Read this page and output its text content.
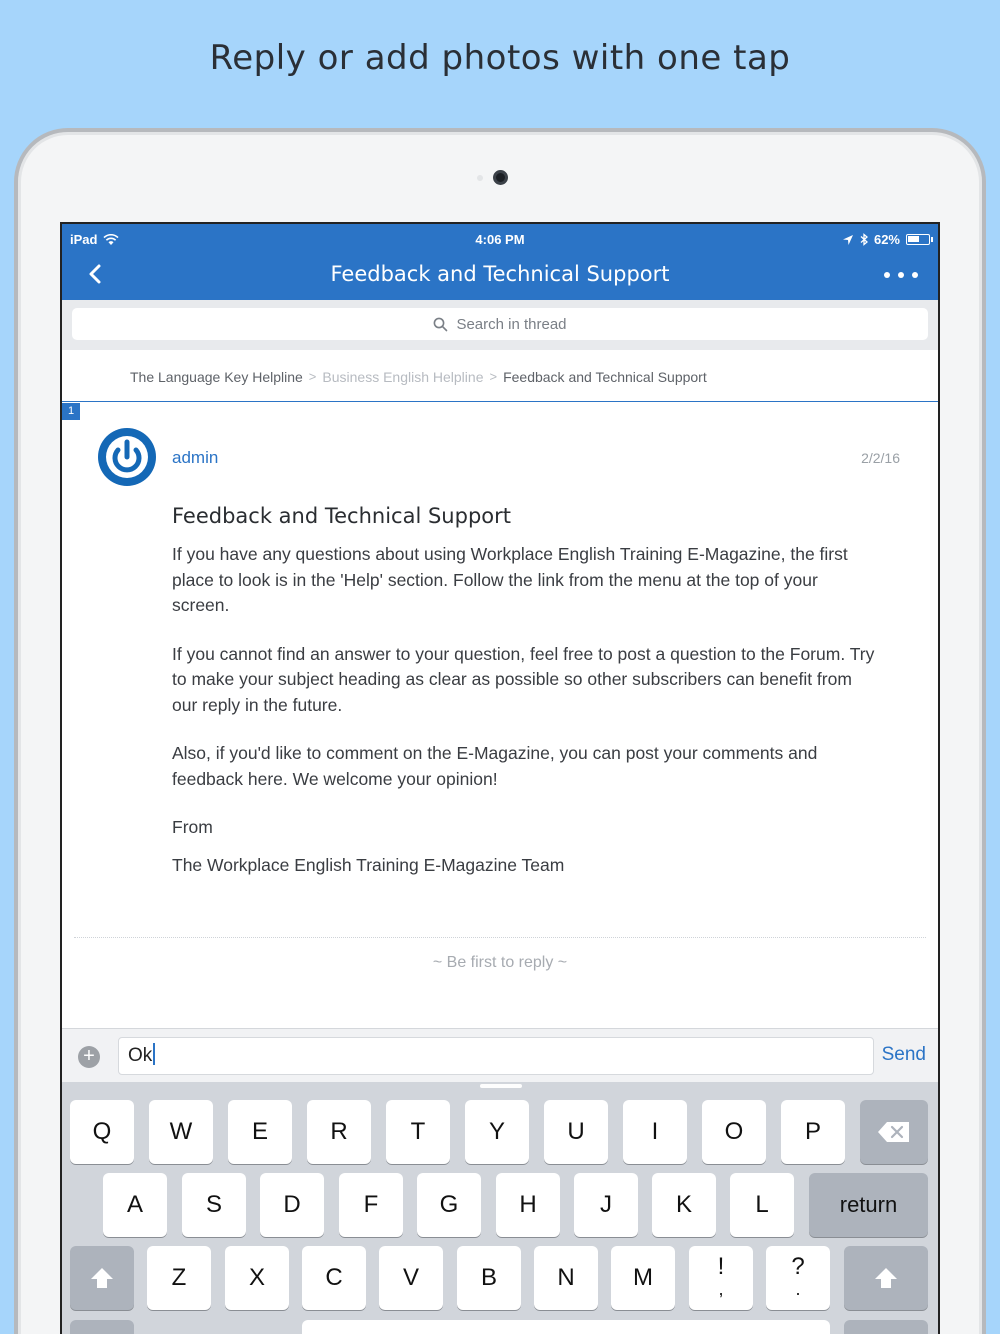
Reply or add photos with one tap
iPad	4:06 PM	62%
Feedback and Technical Support
Search in thread
The Language Key Helpline > Business English Helpline > Feedback and Technical Support
1
admin	2/2/16
Feedback and Technical Support

If you have any questions about using Workplace English Training E-Magazine, the first place to look is in the 'Help' section. Follow the link from the menu at the top of your screen.

If you cannot find an answer to your question, feel free to post a question to the Forum. Try to make your subject heading as clear as possible so other subscribers can benefit from our reply in the future.

Also, if you'd like to comment on the E-Magazine, you can post your comments and feedback here. We welcome your opinion!

From

The Workplace English Training E-Magazine Team

~ Be first to reply ~
+	Ok	Send
Q	W	E	R	T	Y	U	I	O	P
A	S	D	F	G	H	J	K	L	return
Z	X	C	V	B	N	M	!
,
?
.
